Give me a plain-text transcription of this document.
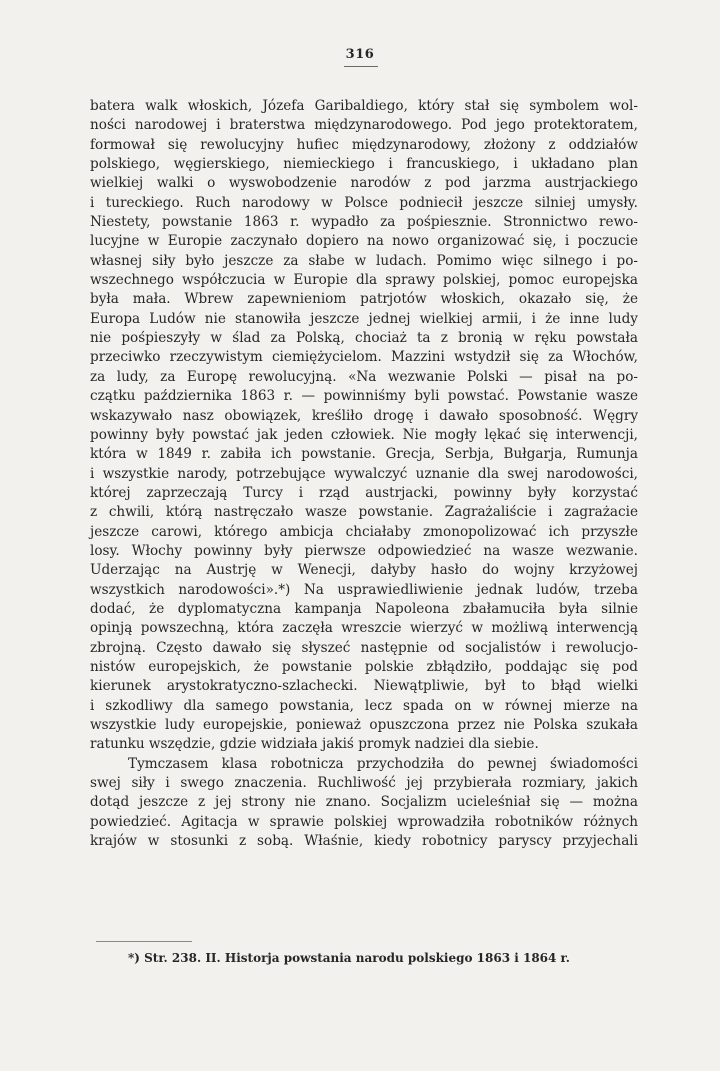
316
batera walk włoskich, Józefa Garibaldiego, który stał się symbolem wol-
ności narodowej i braterstwa międzynarodowego. Pod jego protektoratem,
formował się rewolucyjny hufiec międzynarodowy, złożony z oddziałów
polskiego, węgierskiego, niemieckiego i francuskiego, i układano plan
wielkiej walki o wyswobodzenie narodów z pod jarzma austrjackiego
i tureckiego. Ruch narodowy w Polsce podniecił jeszcze silniej umysły.
Niestety, powstanie 1863 r. wypadło za pośpiesznie. Stronnictwo rewo-
lucyjne w Europie zaczynało dopiero na nowo organizować się, i poczucie
własnej siły było jeszcze za słabe w ludach. Pomimo więc silnego i po-
wszechnego współczucia w Europie dla sprawy polskiej, pomoc europejska
była mała. Wbrew zapewnieniom patrjotów włoskich, okazało się, że
Europa Ludów nie stanowiła jeszcze jednej wielkiej armii, i że inne ludy
nie pośpieszyły w ślad za Polską, chociaż ta z bronią w ręku powstała
przeciwko rzeczywistym ciemiężycielom. Mazzini wstydził się za Włochów,
za ludy, za Europę rewolucyjną. «Na wezwanie Polski — pisał na po-
czątku października 1863 r. — powinniśmy byli powstać. Powstanie wasze
wskazywało nasz obowiązek, kreśliło drogę i dawało sposobność. Węgry
powinny były powstać jak jeden człowiek. Nie mogły lękać się interwencji,
która w 1849 r. zabiła ich powstanie. Grecja, Serbja, Bułgarja, Rumunja
i wszystkie narody, potrzebujące wywalczyć uznanie dla swej narodowości,
której zaprzeczają Turcy i rząd austrjacki, powinny były korzystać
z chwili, którą nastręczało wasze powstanie. Zagrażaliście i zagrażacie
jeszcze carowi, którego ambicja chciałaby zmonopolizować ich przyszłe
losy. Włochy powinny były pierwsze odpowiedzieć na wasze wezwanie.
Uderzając na Austrję w Wenecji, dałyby hasło do wojny krzyżowej
wszystkich narodowości».*) Na usprawiedliwienie jednak ludów, trzeba
dodać, że dyplomatyczna kampanja Napoleona zbałamuciła była silnie
opinją powszechną, która zaczęła wreszcie wierzyć w możliwą interwencją
zbrojną. Często dawało się słyszeć następnie od socjalistów i rewolucjo-
nistów europejskich, że powstanie polskie zbłądziło, poddając się pod
kierunek arystokratyczno-szlachecki. Niewątpliwie, był to błąd wielki
i szkodliwy dla samego powstania, lecz spada on w równej mierze na
wszystkie ludy europejskie, ponieważ opuszczona przez nie Polska szukała
ratunku wszędzie, gdzie widziała jakiś promyk nadziei dla siebie.
Tymczasem klasa robotnicza przychodziła do pewnej świadomości
swej siły i swego znaczenia. Ruchliwość jej przybierała rozmiary, jakich
dotąd jeszcze z jej strony nie znano. Socjalizm ucieleśniał się — można
powiedzieć. Agitacja w sprawie polskiej wprowadziła robotników różnych
krajów w stosunki z sobą. Właśnie, kiedy robotnicy paryscy przyjechali
*) Str. 238. II. Historja powstania narodu polskiego 1863 i 1864 r.
